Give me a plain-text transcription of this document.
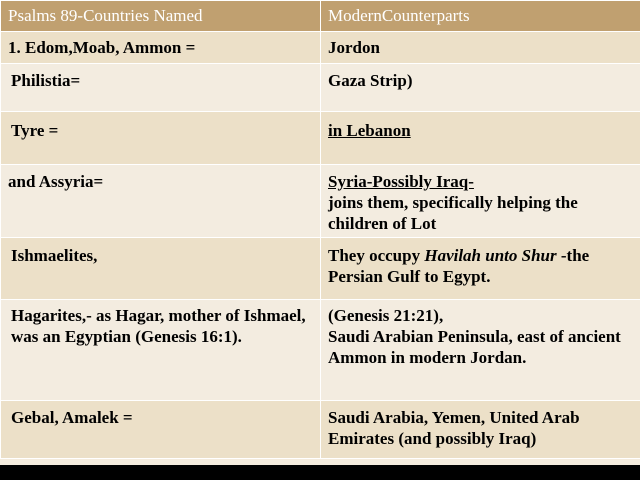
Psalms 89-Countries Named	ModernCounterparts
1. Edom,Moab, Ammon =	Jordon
Philistia=	Gaza Strip)
Tyre =	in Lebanon
and Assyria=	Syria-Possibly Iraq-
joins them, specifically helping the children of Lot
Ishmaelites,	They occupy Havilah unto Shur -the Persian Gulf to Egypt.
Hagarites,- as Hagar, mother of Ishmael, was an Egyptian (Genesis 16:1).	(Genesis 21:21),
Saudi Arabian Peninsula, east of ancient Ammon in modern Jordan.
Gebal, Amalek =	Saudi Arabia, Yemen, United Arab Emirates (and possibly Iraq)
